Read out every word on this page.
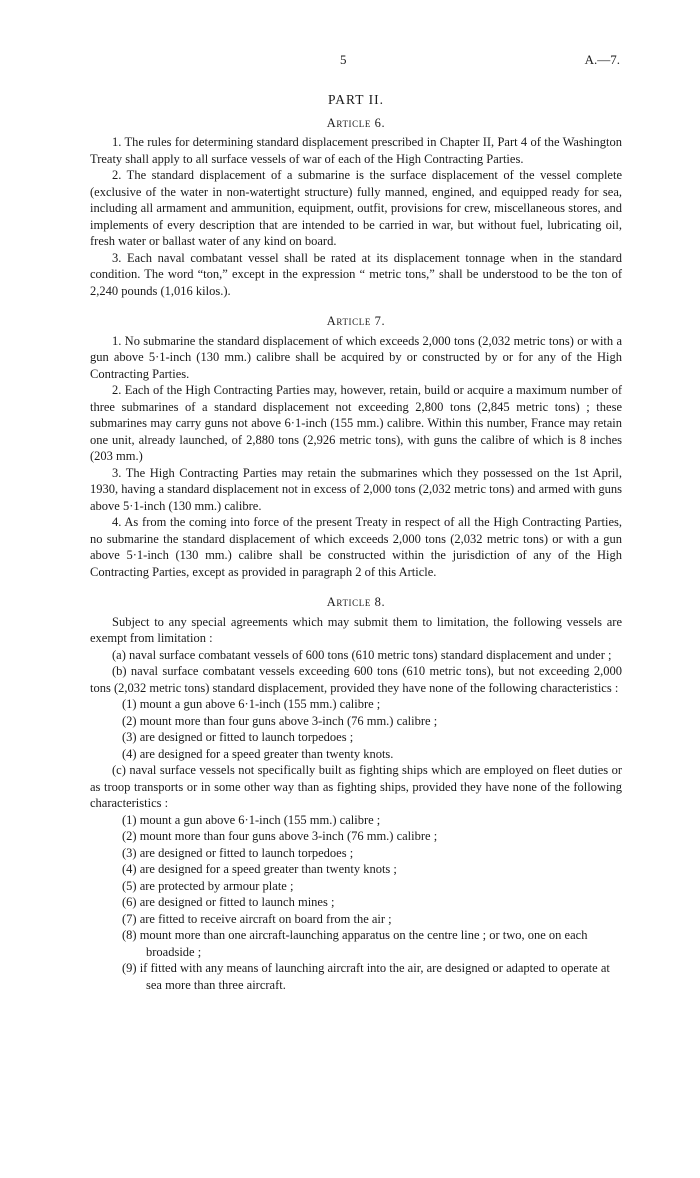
5	A.—7.
PART II.
Article 6.

1. The rules for determining standard displacement prescribed in Chapter II, Part 4 of the Washington Treaty shall apply to all surface vessels of war of each of the High Contracting Parties.

2. The standard displacement of a submarine is the surface displacement of the vessel complete (exclusive of the water in non-watertight structure) fully manned, engined, and equipped ready for sea, including all armament and ammunition, equipment, outfit, provisions for crew, miscellaneous stores, and implements of every description that are intended to be carried in war, but without fuel, lubricating oil, fresh water or ballast water of any kind on board.

3. Each naval combatant vessel shall be rated at its displacement tonnage when in the standard condition. The word “ton,” except in the expression “ metric tons,” shall be understood to be the ton of 2,240 pounds (1,016 kilos.).

Article 7.

1. No submarine the standard displacement of which exceeds 2,000 tons (2,032 metric tons) or with a gun above 5·1-inch (130 mm.) calibre shall be acquired by or constructed by or for any of the High Contracting Parties.

2. Each of the High Contracting Parties may, however, retain, build or acquire a maximum number of three submarines of a standard displacement not exceeding 2,800 tons (2,845 metric tons) ; these submarines may carry guns not above 6·1-inch (155 mm.) calibre. Within this number, France may retain one unit, already launched, of 2,880 tons (2,926 metric tons), with guns the calibre of which is 8 inches (203 mm.)

3. The High Contracting Parties may retain the submarines which they possessed on the 1st April, 1930, having a standard displacement not in excess of 2,000 tons (2,032 metric tons) and armed with guns above 5·1-inch (130 mm.) calibre.

4. As from the coming into force of the present Treaty in respect of all the High Contracting Parties, no submarine the standard displacement of which exceeds 2,000 tons (2,032 metric tons) or with a gun above 5·1-inch (130 mm.) calibre shall be constructed within the jurisdiction of any of the High Contracting Parties, except as provided in paragraph 2 of this Article.

Article 8.

Subject to any special agreements which may submit them to limitation, the following vessels are exempt from limitation :

(a) naval surface combatant vessels of 600 tons (610 metric tons) standard displacement and under ;

(b) naval surface combatant vessels exceeding 600 tons (610 metric tons), but not exceeding 2,000 tons (2,032 metric tons) standard displacement, provided they have none of the following characteristics :

(1) mount a gun above 6·1-inch (155 mm.) calibre ;
(2) mount more than four guns above 3-inch (76 mm.) calibre ;
(3) are designed or fitted to launch torpedoes ;
(4) are designed for a speed greater than twenty knots.

(c) naval surface vessels not specifically built as fighting ships which are employed on fleet duties or as troop transports or in some other way than as fighting ships, provided they have none of the following characteristics :

(1) mount a gun above 6·1-inch (155 mm.) calibre ;
(2) mount more than four guns above 3-inch (76 mm.) calibre ;
(3) are designed or fitted to launch torpedoes ;
(4) are designed for a speed greater than twenty knots ;
(5) are protected by armour plate ;
(6) are designed or fitted to launch mines ;
(7) are fitted to receive aircraft on board from the air ;
(8) mount more than one aircraft-launching apparatus on the centre line ; or two, one on each broadside ;
(9) if fitted with any means of launching aircraft into the air, are designed or adapted to operate at sea more than three aircraft.
